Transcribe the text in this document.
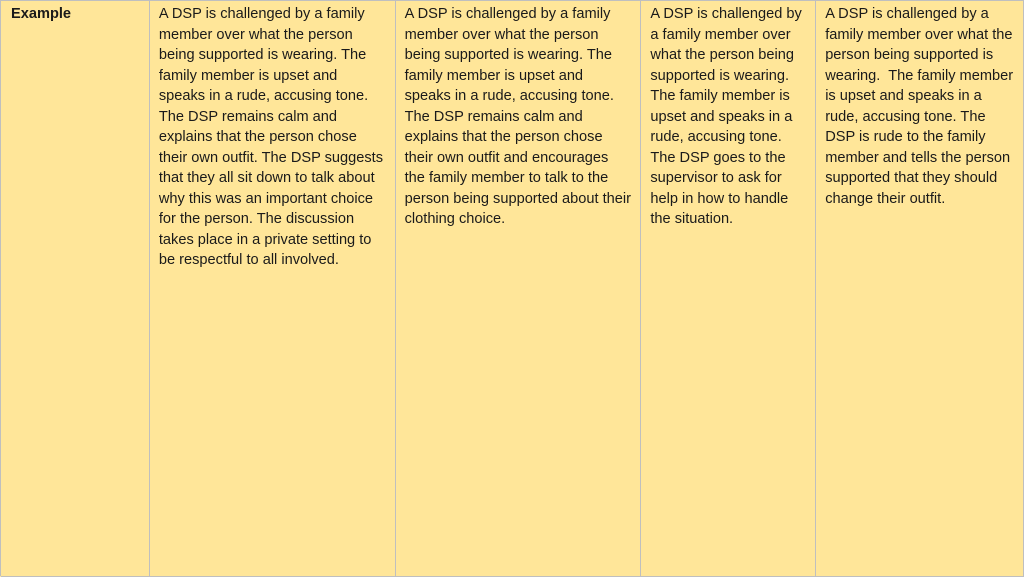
Example	A DSP is challenged by a family member over what the person being supported is wearing. The family member is upset and speaks in a rude, accusing tone. The DSP remains calm and explains that the person chose their own outfit. The DSP suggests that they all sit down to talk about why this was an important choice for the person. The discussion takes place in a private setting to be respectful to all involved.
A DSP is challenged by a family member over what the person being supported is wearing. The family member is upset and speaks in a rude, accusing tone. The DSP remains calm and explains that the person chose their own outfit and encourages the family member to talk to the person being supported about their clothing choice.
A DSP is challenged by a family member over what the person being supported is wearing. The family member is upset and speaks in a rude, accusing tone. The DSP goes to the supervisor to ask for help in how to handle the situation.
A DSP is challenged by a family member over what the person being supported is wearing.  The family member is upset and speaks in a rude, accusing tone. The DSP is rude to the family member and tells the person supported that they should change their outfit.
